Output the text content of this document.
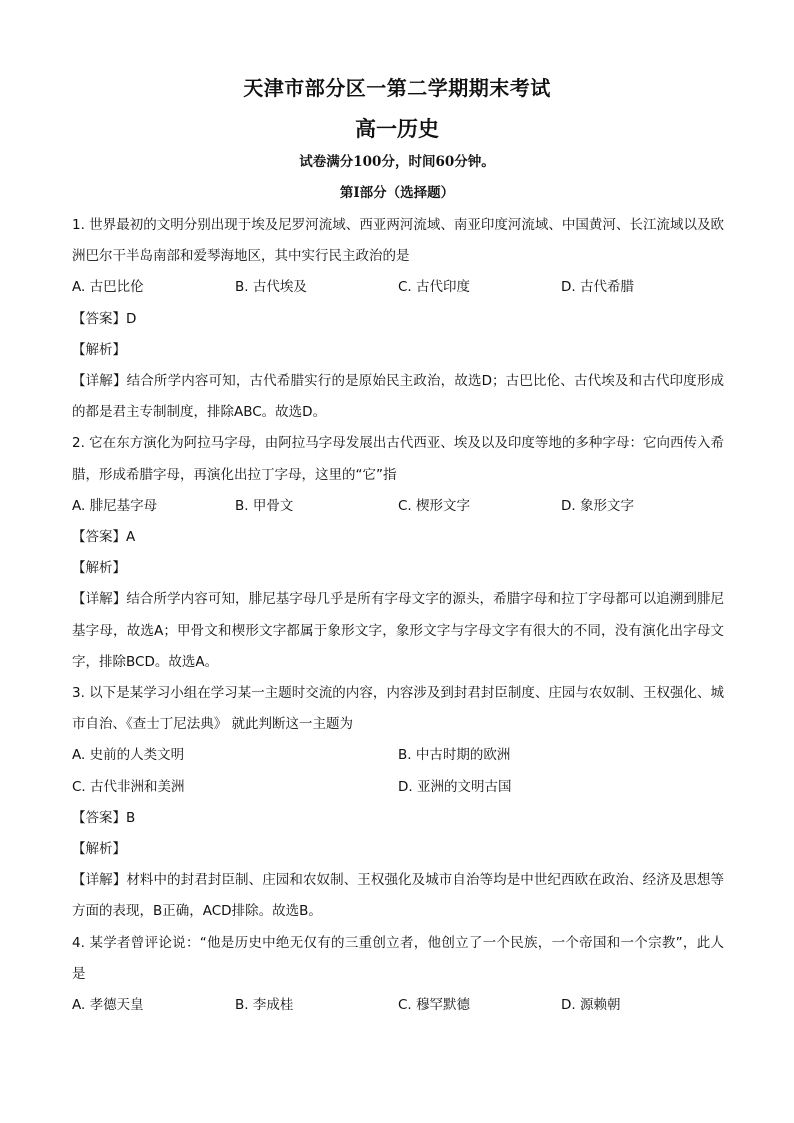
天津市部分区一第二学期期末考试
高一历史
试卷满分100分，时间60分钟。
第Ⅰ部分（选择题）
1. 世界最初的文明分别出现于埃及尼罗河流域、西亚两河流域、南亚印度河流域、中国黄河、长江流域以及欧洲巴尔干半岛南部和爱琴海地区，其中实行民主政治的是
A. 古巴比伦	B. 古代埃及	C. 古代印度	D. 古代希腊
【答案】D
【解析】
【详解】结合所学内容可知，古代希腊实行的是原始民主政治，故选D；古巴比伦、古代埃及和古代印度形成的都是君主专制制度，排除ABC。故选D。
2. 它在东方演化为阿拉马字母，由阿拉马字母发展出古代西亚、埃及以及印度等地的多种字母：它向西传入希腊，形成希腊字母，再演化出拉丁字母，这里的“它”指
A. 腓尼基字母	B. 甲骨文	C. 楔形文字	D. 象形文字
【答案】A
【解析】
【详解】结合所学内容可知，腓尼基字母几乎是所有字母文字的源头，希腊字母和拉丁字母都可以追溯到腓尼基字母，故选A；甲骨文和楔形文字都属于象形文字，象形文字与字母文字有很大的不同，没有演化出字母文字，排除BCD。故选A。
3. 以下是某学习小组在学习某一主题时交流的内容，内容涉及到封君封臣制度、庄园与农奴制、王权强化、城市自治、《查士丁尼法典》 就此判断这一主题为
A. 史前的人类文明	B. 中古时期的欧洲
C. 古代非洲和美洲	D. 亚洲的文明古国
【答案】B
【解析】
【详解】材料中的封君封臣制、庄园和农奴制、王权强化及城市自治等均是中世纪西欧在政治、经济及思想等方面的表现，B正确，ACD排除。故选B。
4. 某学者曾评论说：“他是历史中绝无仅有的三重创立者，他创立了一个民族，一个帝国和一个宗教”，此人是
A. 孝德天皇	B. 李成桂	C. 穆罕默德	D. 源赖朝
